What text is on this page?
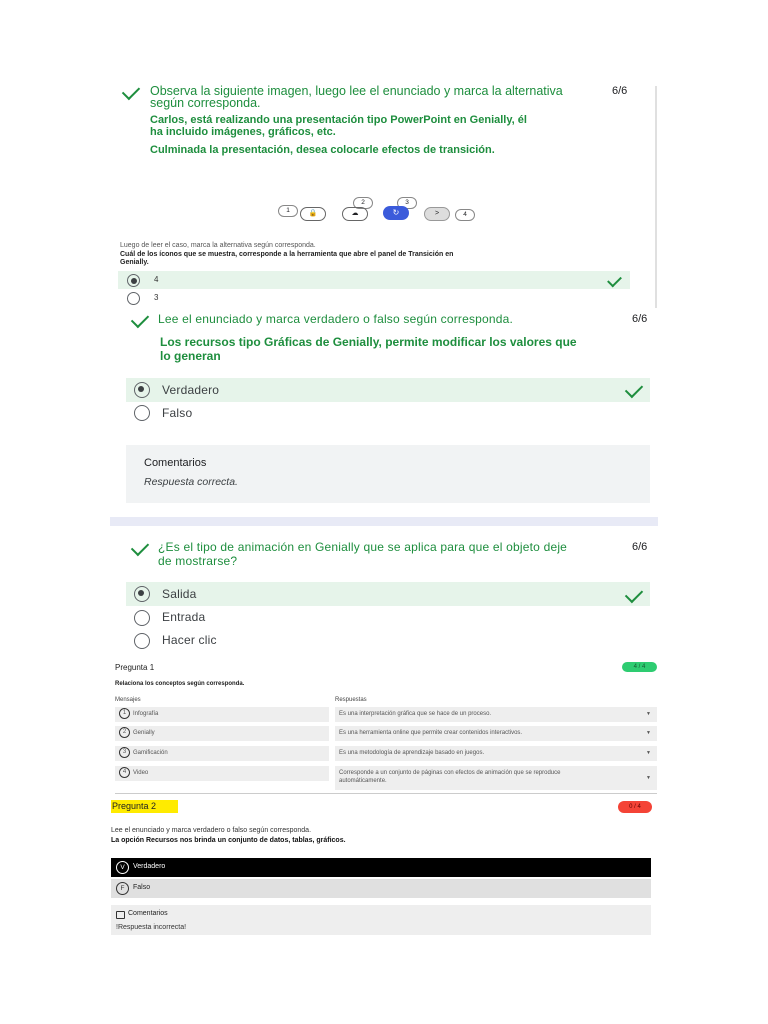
Observa la siguiente imagen, luego lee el enunciado y marca la alternativa
según corresponda.
6/6
Carlos, está realizando una presentación tipo PowerPoint en Genially, él
ha incluido imágenes, gráficos, etc.
Culminada la presentación, desea colocarle efectos de transición.
1	🔒
2
☁
3
↻	>	4
Luego de leer el caso, marca la alternativa según corresponda.
Cuál de los íconos que se muestra, corresponde a la herramienta que abre el panel de Transición en
Genially.
4
3
Lee el enunciado y marca verdadero o falso según corresponda.	6/6
Los recursos tipo Gráficas de Genially, permite modificar los valores que
lo generan
Verdadero
Falso
Comentarios
Respuesta correcta.
¿Es el tipo de animación en Genially que se aplica para que el objeto deje
de mostrarse?
6/6
Salida
Entrada
Hacer clic
Pregunta 1	4 / 4
Relaciona los conceptos según corresponda.
Mensajes	Respuestas
1 Infografía	Es una interpretación gráfica que se hace de un proceso.	▼
2 Genially	Es una herramienta online que permite crear contenidos interactivos.	▼
3 Gamificación	Es una metodología de aprendizaje basado en juegos.	▼
4 Video	Corresponde a un conjunto de páginas con efectos de animación que se reproduce
automáticamente.	▼
Pregunta 2	0 / 4
Lee el enunciado y marca verdadero o falso según corresponda.
La opción Recursos nos brinda un conjunto de datos, tablas, gráficos.
V	Verdadero
F	Falso
Comentarios
!Respuesta incorrecta!
